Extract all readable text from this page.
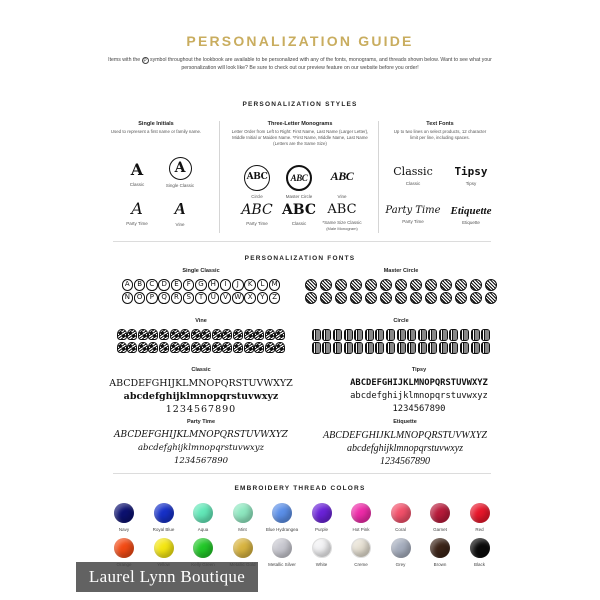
PERSONALIZATION GUIDE
Items with the P symbol throughout the lookbook are available to be personalized with any of the fonts, monograms, and threads shown below. Want to see what your personalization will look like? Be sure to check out our preview feature on our website before you order!
PERSONALIZATION STYLES
Single Initials
Used to represent a first name or family name.
A
Classic
A
Single Classic
A
Party Time
A
Vine
Three-Letter Monograms
Letter Order from Left to Right: First Name, Last Name (Larger Letter), Middle Initial or Maiden Name. *First Name, Middle Name, Last Name (Letters are the Same Size)
ABC
Circle
ABC
Master Circle
ABC
Vine
ABC
Party Time
ABC
Classic
ABC
*Same Size Classic
(Male Monogram)
Text Fonts
Up to two lines on select products, 12 character limit per line, including spaces.
Classic
Classic
Tipsy
Tipsy
Party Time
Party Time
Etiquette
Etiquette
PERSONALIZATION FONTS
Single Classic
A B C D E F G H I J K L M
N O P Q R S T U V W X Y Z
Master Circle
Vine	Circle
Classic
ABCDEFGHIJKLMNOPQRSTUVWXYZ
abcdefghijklmnopqrstuvwxyz
1234567890
Tipsy
ABCDEFGHIJKLMNOPQRSTUVWXYZ
abcdefghijklmnopqrstuvwxyz
1234567890
Party Time
ABCDEFGHIJKLMNOPQRSTUVWXYZ
abcdefghijklmnopqrstuvwxyz
1234567890
Etiquette
ABCDEFGHIJKLMNOPQRSTUVWXYZ
abcdefghijklmnopqrstuvwxyz
1234567890
EMBROIDERY THREAD COLORS
Navy	Royal Blue	Aqua	Mint	Blue Hydrangea	Purple	Hot Pink	Coral	Garnet	Red
Metallic Silver	White	Creme	Grey	Brown	Black
Laurel Lynn Boutique
